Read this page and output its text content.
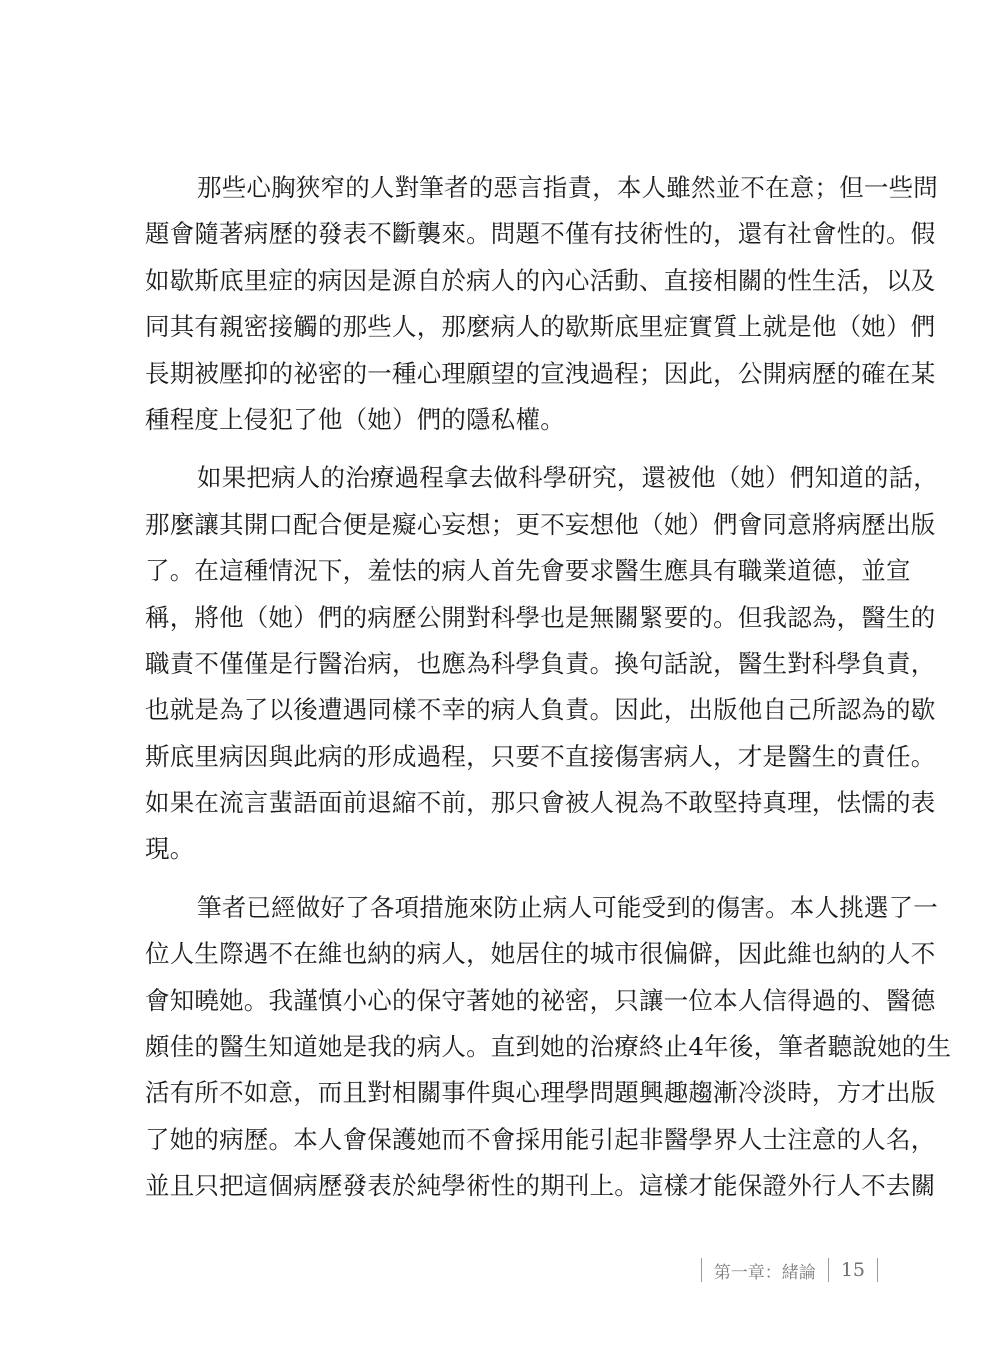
那些心胸狹窄的人對筆者的惡言指責，本人雖然並不在意；但一些問
題會隨著病歷的發表不斷襲來。問題不僅有技術性的，還有社會性的。假
如歇斯底里症的病因是源自於病人的內心活動、直接相關的性生活，以及
同其有親密接觸的那些人，那麼病人的歇斯底里症實質上就是他（她）們
長期被壓抑的祕密的一種心理願望的宣洩過程；因此，公開病歷的確在某
種程度上侵犯了他（她）們的隱私權。
如果把病人的治療過程拿去做科學研究，還被他（她）們知道的話，
那麼讓其開口配合便是癡心妄想；更不妄想他（她）們會同意將病歷出版
了。在這種情況下，羞怯的病人首先會要求醫生應具有職業道德，並宣
稱，將他（她）們的病歷公開對科學也是無關緊要的。但我認為，醫生的
職責不僅僅是行醫治病，也應為科學負責。換句話說，醫生對科學負責，
也就是為了以後遭遇同樣不幸的病人負責。因此，出版他自己所認為的歇
斯底里病因與此病的形成過程，只要不直接傷害病人，才是醫生的責任。
如果在流言蜚語面前退縮不前，那只會被人視為不敢堅持真理，怯懦的表
現。
筆者已經做好了各項措施來防止病人可能受到的傷害。本人挑選了一
位人生際遇不在維也納的病人，她居住的城市很偏僻，因此維也納的人不
會知曉她。我謹慎小心的保守著她的祕密，只讓一位本人信得過的、醫德
頗佳的醫生知道她是我的病人。直到她的治療終止4年後，筆者聽說她的生
活有所不如意，而且對相關事件與心理學問題興趣趨漸冷淡時，方才出版
了她的病歷。本人會保護她而不會採用能引起非醫學界人士注意的人名，
並且只把這個病歷發表於純學術性的期刊上。這樣才能保證外行人不去關
第一章：緒論 15
